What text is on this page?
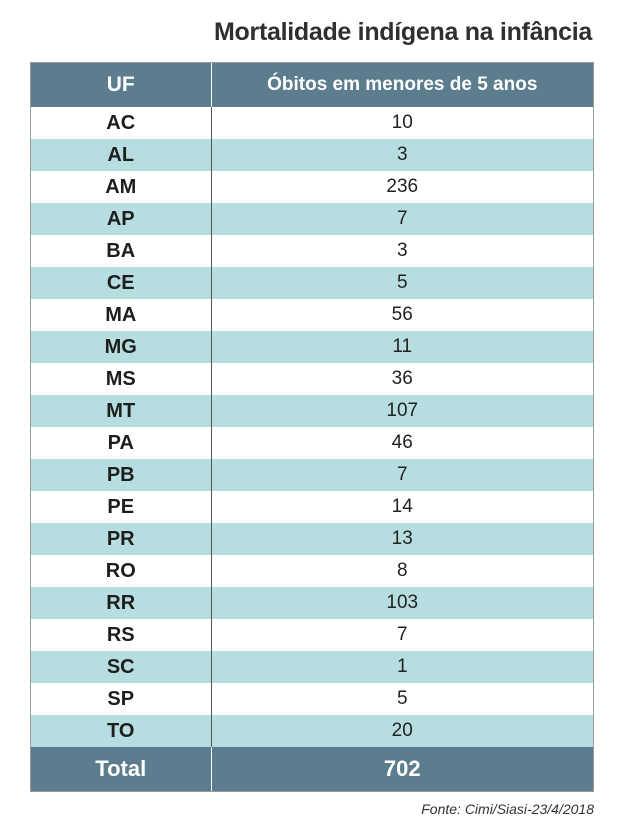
Mortalidade indígena na infância
UF	Óbitos em menores de 5 anos
AC	10
AL	3
AM	236
AP	7
BA	3
CE	5
MA	56
MG	11
MS	36
MT	107
PA	46
PB	7
PE	14
PR	13
RO	8
RR	103
RS	7
SC	1
SP	5
TO	20
Total	702
Fonte: Cimi/Siasi-23/4/2018
